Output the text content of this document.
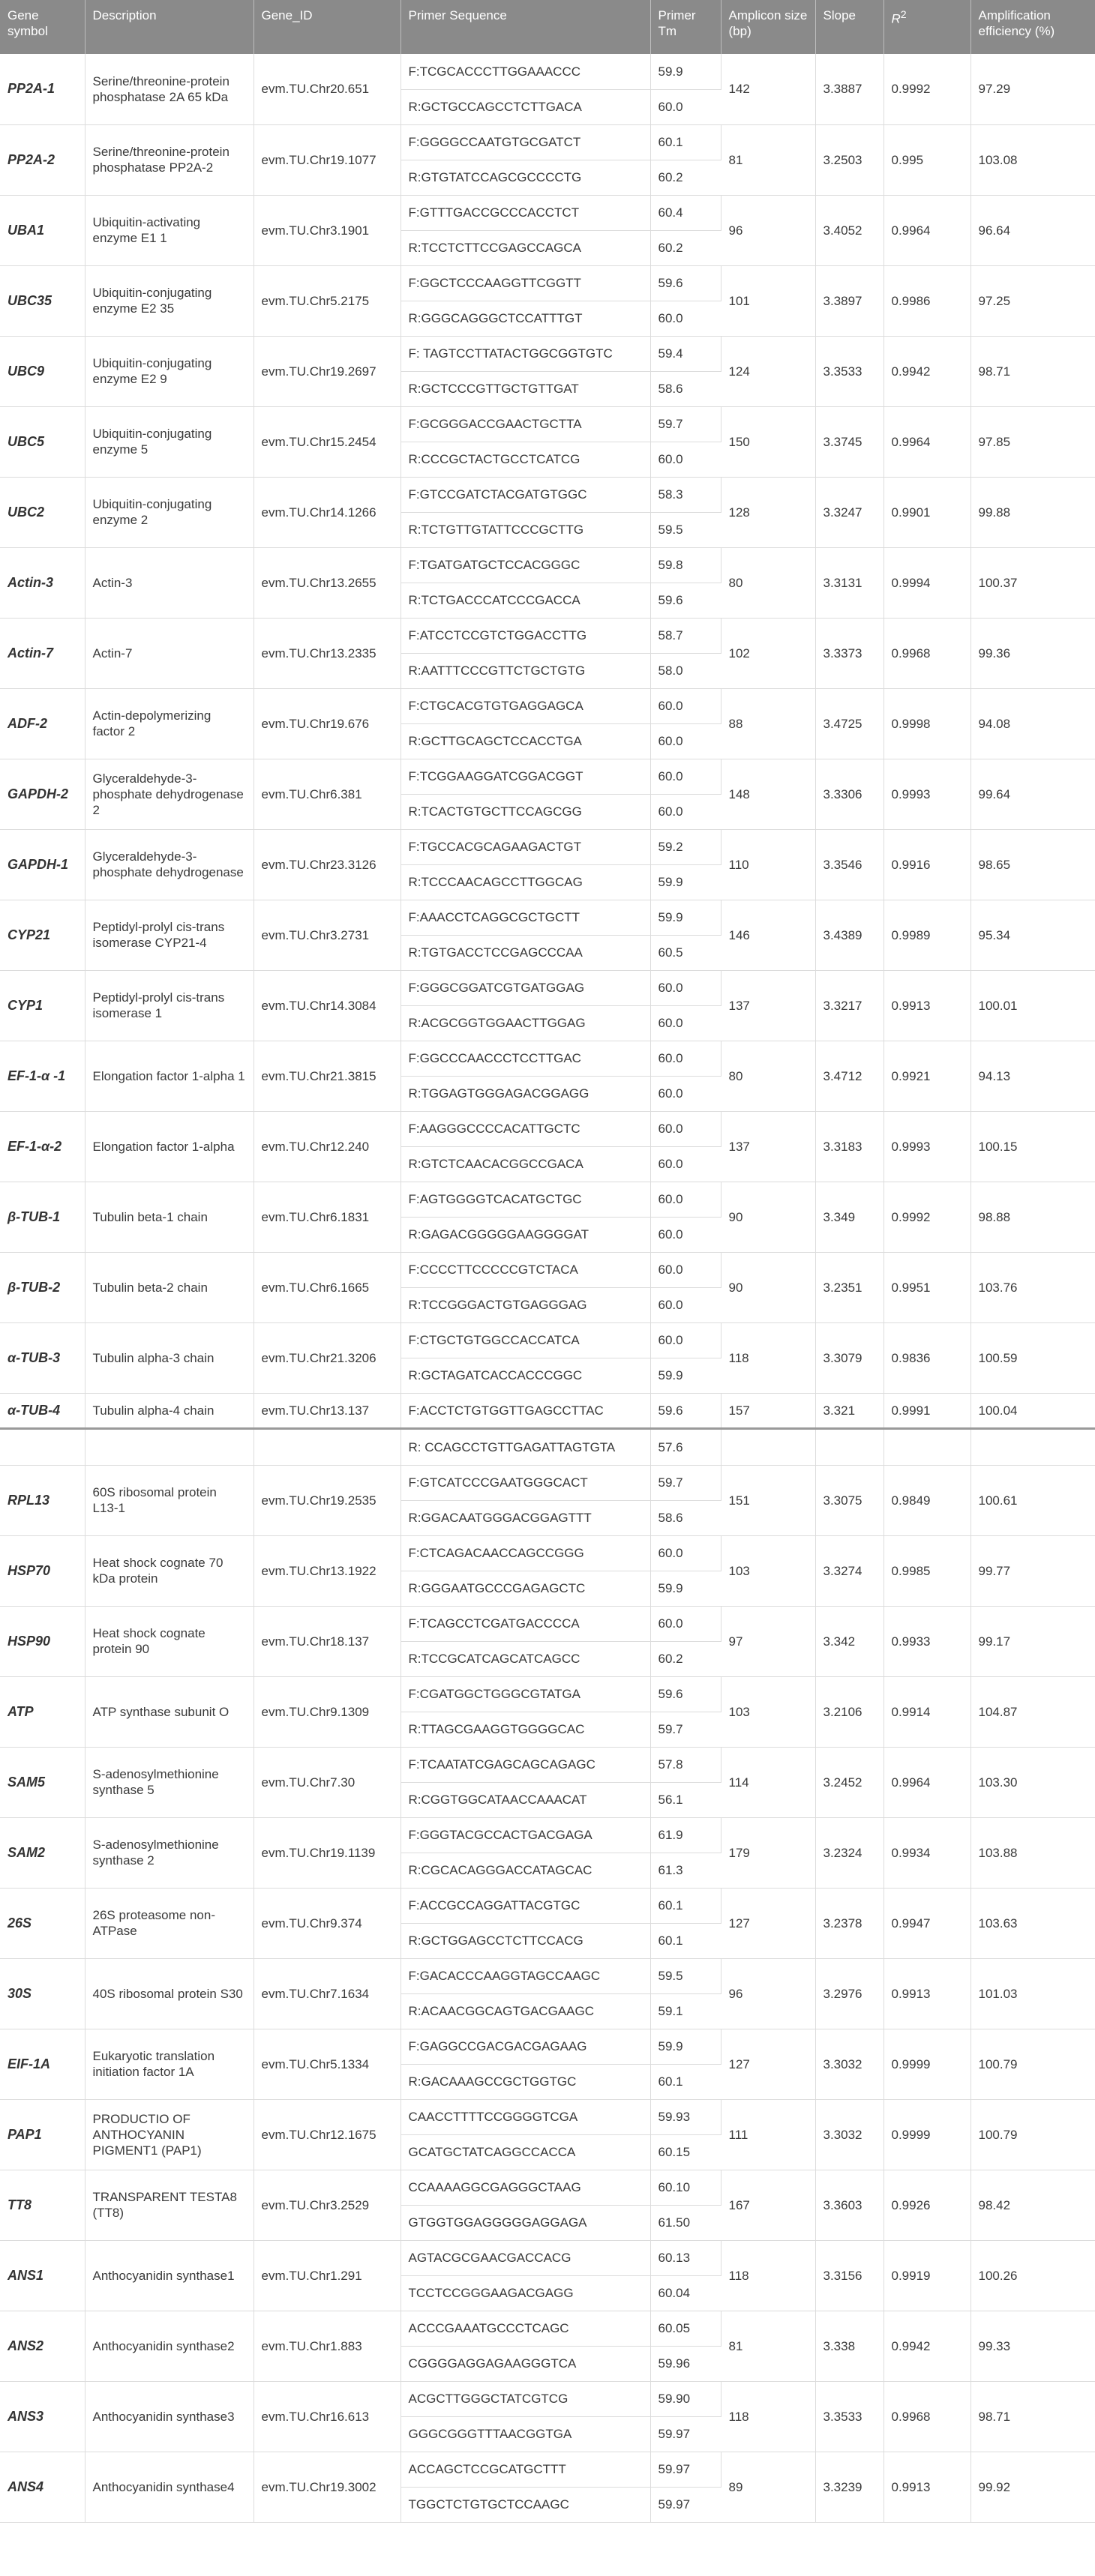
Gene symbol	Description	Gene_ID	Primer Sequence	Primer Tm	Amplicon size (bp)	Slope	$R^2$	Amplification efficiency (%)
PP2A-1	Serine/threonine-protein phosphatase 2A 65 kDa	evm.TU.Chr20.651	F:TCGCACCCTTGGAAACCC	59.9	142	3.3887	0.9992	97.29
			R:GCTGCCAGCCTCTTGACA	60.0				
PP2A-2	Serine/threonine-protein phosphatase PP2A-2	evm.TU.Chr19.1077	F:GGGGCCAATGTGCGATCT	60.1	81	3.2503	0.995	103.08
			R:GTGTATCCAGCGCCCCTG	60.2				
UBA1	Ubiquitin-activating enzyme E1 1	evm.TU.Chr3.1901	F:GTTTGACCGCCCACCTCT	60.4	96	3.4052	0.9964	96.64
			R:TCCTCTTCCGAGCCAGCA	60.2				
UBC35	Ubiquitin-conjugating enzyme E2 35	evm.TU.Chr5.2175	F:GGCTCCCAAGGTTCGGTT	59.6	101	3.3897	0.9986	97.25
			R:GGGCAGGGCTCCATTTGT	60.0				
UBC9	Ubiquitin-conjugating enzyme E2 9	evm.TU.Chr19.2697	F: TAGTCCTTATACTGGCGGTGTC	59.4	124	3.3533	0.9942	98.71
			R:GCTCCCGTTGCTGTTGAT	58.6				
UBC5	Ubiquitin-conjugating enzyme 5	evm.TU.Chr15.2454	F:GCGGGACCGAACTGCTTA	59.7	150	3.3745	0.9964	97.85
			R:CCCGCTACTGCCTCATCG	60.0				
UBC2	Ubiquitin-conjugating enzyme 2	evm.TU.Chr14.1266	F:GTCCGATCTACGATGTGGC	58.3	128	3.3247	0.9901	99.88
			R:TCTGTTGTATTCCCGCTTG	59.5				
Actin-3	Actin-3	evm.TU.Chr13.2655	F:TGATGATGCTCCACGGGC	59.8	80	3.3131	0.9994	100.37
			R:TCTGACCCATCCCGACCA	59.6				
Actin-7	Actin-7	evm.TU.Chr13.2335	F:ATCCTCCGTCTGGACCTTG	58.7	102	3.3373	0.9968	99.36
			R:AATTTCCCGTTCTGCTGTG	58.0				
ADF-2	Actin-depolymerizing factor 2	evm.TU.Chr19.676	F:CTGCACGTGTGAGGAGCA	60.0	88	3.4725	0.9998	94.08
			R:GCTTGCAGCTCCACCTGA	60.0				
GAPDH-2	Glyceraldehyde-3-phosphate dehydrogenase 2	evm.TU.Chr6.381	F:TCGGAAGGATCGGACGGT	60.0	148	3.3306	0.9993	99.64
			R:TCACTGTGCTTCCAGCGG	60.0				
GAPDH-1	Glyceraldehyde-3-phosphate dehydrogenase	evm.TU.Chr23.3126	F:TGCCACGCAGAAGACTGT	59.2	110	3.3546	0.9916	98.65
			R:TCCCAACAGCCTTGGCAG	59.9				
CYP21	Peptidyl-prolyl cis-trans isomerase CYP21-4	evm.TU.Chr3.2731	F:AAACCTCAGGCGCTGCTT	59.9	146	3.4389	0.9989	95.34
			R:TGTGACCTCCGAGCCCAA	60.5				
CYP1	Peptidyl-prolyl cis-trans isomerase 1	evm.TU.Chr14.3084	F:GGGCGGATCGTGATGGAG	60.0	137	3.3217	0.9913	100.01
			R:ACGCGGTGGAACTTGGAG	60.0				
EF-1-α -1	Elongation factor 1-alpha 1	evm.TU.Chr21.3815	F:GGCCCAACCCTCCTTGAC	60.0	80	3.4712	0.9921	94.13
			R:TGGAGTGGGAGACGGAGG	60.0				
EF-1-α-2	Elongation factor 1-alpha	evm.TU.Chr12.240	F:AAGGGCCCCACATTGCTC	60.0	137	3.3183	0.9993	100.15
			R:GTCTCAACACGGCCGACA	60.0				
β-TUB-1	Tubulin beta-1 chain	evm.TU.Chr6.1831	F:AGTGGGGTCACATGCTGC	60.0	90	3.349	0.9992	98.88
			R:GAGACGGGGGAAGGGGAT	60.0				
β-TUB-2	Tubulin beta-2 chain	evm.TU.Chr6.1665	F:CCCCTTCCCCCGTCTACA	60.0	90	3.2351	0.9951	103.76
			R:TCCGGGACTGTGAGGGAG	60.0				
α-TUB-3	Tubulin alpha-3 chain	evm.TU.Chr21.3206	F:CTGCTGTGGCCACCATCA	60.0	118	3.3079	0.9836	100.59
			R:GCTAGATCACCACCCGGC	59.9				
α-TUB-4	Tubulin alpha-4 chain	evm.TU.Chr13.137	F:ACCTCTGTGGTTGAGCCTTAC	59.6	157	3.321	0.9991	100.04
			R: CCAGCCTGTTGAGATTAGTGTA	57.6				
RPL13	60S ribosomal protein L13-1	evm.TU.Chr19.2535	F:GTCATCCCGAATGGGCACT	59.7	151	3.3075	0.9849	100.61
			R:GGACAATGGGACGGAGTTT	58.6				
HSP70	Heat shock cognate 70 kDa protein	evm.TU.Chr13.1922	F:CTCAGACAACCAGCCGGG	60.0	103	3.3274	0.9985	99.77
			R:GGGAATGCCCGAGAGCTC	59.9				
HSP90	Heat shock cognate protein 90	evm.TU.Chr18.137	F:TCAGCCTCGATGACCCCA	60.0	97	3.342	0.9933	99.17
			R:TCCGCATCAGCATCAGCC	60.2				
ATP	ATP synthase subunit O	evm.TU.Chr9.1309	F:CGATGGCTGGGCGTATGA	59.6	103	3.2106	0.9914	104.87
			R:TTAGCGAAGGTGGGGCAC	59.7				
SAM5	S-adenosylmethionine synthase 5	evm.TU.Chr7.30	F:TCAATATCGAGCAGCAGAGC	57.8	114	3.2452	0.9964	103.30
			R:CGGTGGCATAACCAAACAT	56.1				
SAM2	S-adenosylmethionine synthase 2	evm.TU.Chr19.1139	F:GGGTACGCCACTGACGAGA	61.9	179	3.2324	0.9934	103.88
			R:CGCACAGGGACCATAGCAC	61.3				
26S	26S proteasome non-ATPase	evm.TU.Chr9.374	F:ACCGCCAGGATTACGTGC	60.1	127	3.2378	0.9947	103.63
			R:GCTGGAGCCTCTTCCACG	60.1				
30S	40S ribosomal protein S30	evm.TU.Chr7.1634	F:GACACCCAAGGTAGCCAAGC	59.5	96	3.2976	0.9913	101.03
			R:ACAACGGCAGTGACGAAGC	59.1				
EIF-1A	Eukaryotic translation initiation factor 1A	evm.TU.Chr5.1334	F:GAGGCCGACGACGAGAAG	59.9	127	3.3032	0.9999	100.79
			R:GACAAAGCCGCTGGTGC	60.1				
PAP1	PRODUCTIO OF ANTHOCYANIN PIGMENT1 (PAP1)	evm.TU.Chr12.1675	CAACCTTTTCCGGGGTCGA	59.93	111	3.3032	0.9999	100.79
			GCATGCTATCAGGCCACCA	60.15				
TT8	TRANSPARENT TESTA8 (TT8)	evm.TU.Chr3.2529	CCAAAAGGCGAGGGCTAAG	60.10	167	3.3603	0.9926	98.42
			GTGGTGGAGGGGGAGGAGA	61.50				
ANS1	Anthocyanidin synthase1	evm.TU.Chr1.291	AGTACGCGAACGACCACG	60.13	118	3.3156	0.9919	100.26
			TCCTCCGGGAAGACGAGG	60.04				
ANS2	Anthocyanidin synthase2	evm.TU.Chr1.883	ACCCGAAATGCCCTCAGC	60.05	81	3.338	0.9942	99.33
			CGGGGAGGAGAAGGGTCA	59.96				
ANS3	Anthocyanidin synthase3	evm.TU.Chr16.613	ACGCTTGGGCTATCGTCG	59.90	118	3.3533	0.9968	98.71
			GGGCGGGTTTAACGGTGA	59.97				
ANS4	Anthocyanidin synthase4	evm.TU.Chr19.3002	ACCAGCTCCGCATGCTTT	59.97	89	3.3239	0.9913	99.92
			TGGCTCTGTGCTCCAAGC	59.97				
